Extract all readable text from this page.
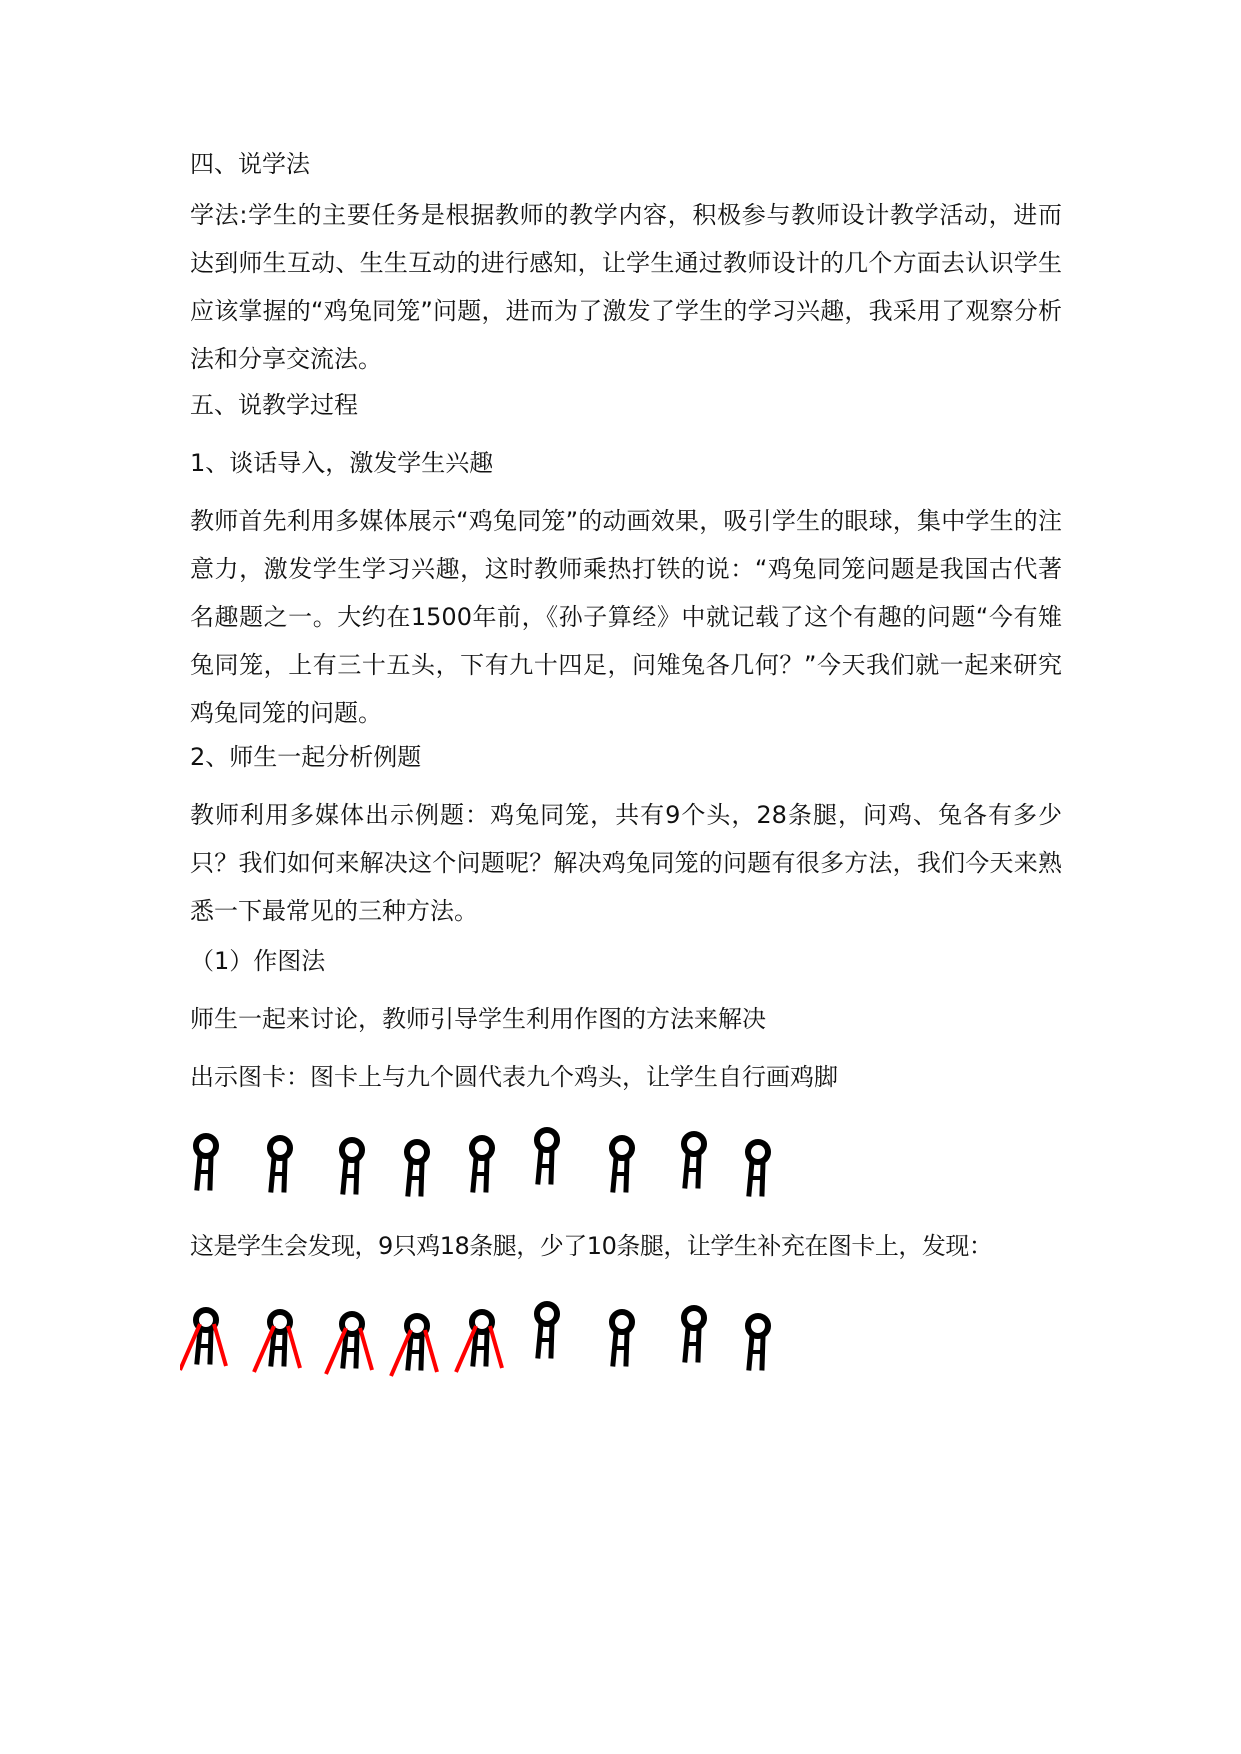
四、说学法

学法:学生的主要任务是根据教师的教学内容，积极参与教师设计教学活动，进而达到师生互动、生生互动的进行感知，让学生通过教师设计的几个方面去认识学生应该掌握的“鸡兔同笼”问题，进而为了激发了学生的学习兴趣，我采用了观察分析法和分享交流法。

五、说教学过程

1、谈话导入，激发学生兴趣

教师首先利用多媒体展示“鸡兔同笼”的动画效果，吸引学生的眼球，集中学生的注意力，激发学生学习兴趣，这时教师乘热打铁的说：“鸡兔同笼问题是我国古代著名趣题之一。大约在1500年前，《孙子算经》中就记载了这个有趣的问题“今有雉兔同笼，上有三十五头，下有九十四足，问雉兔各几何？”今天我们就一起来研究鸡兔同笼的问题。

2、师生一起分析例题

教师利用多媒体出示例题：鸡兔同笼，共有9个头，28条腿，问鸡、兔各有多少只？我们如何来解决这个问题呢？解决鸡兔同笼的问题有很多方法，我们今天来熟悉一下最常见的三种方法。

（1）作图法

师生一起来讨论，教师引导学生利用作图的方法来解决

出示图卡：图卡上与九个圆代表九个鸡头，让学生自行画鸡脚

这是学生会发现，9只鸡18条腿，少了10条腿，让学生补充在图卡上，发现：
